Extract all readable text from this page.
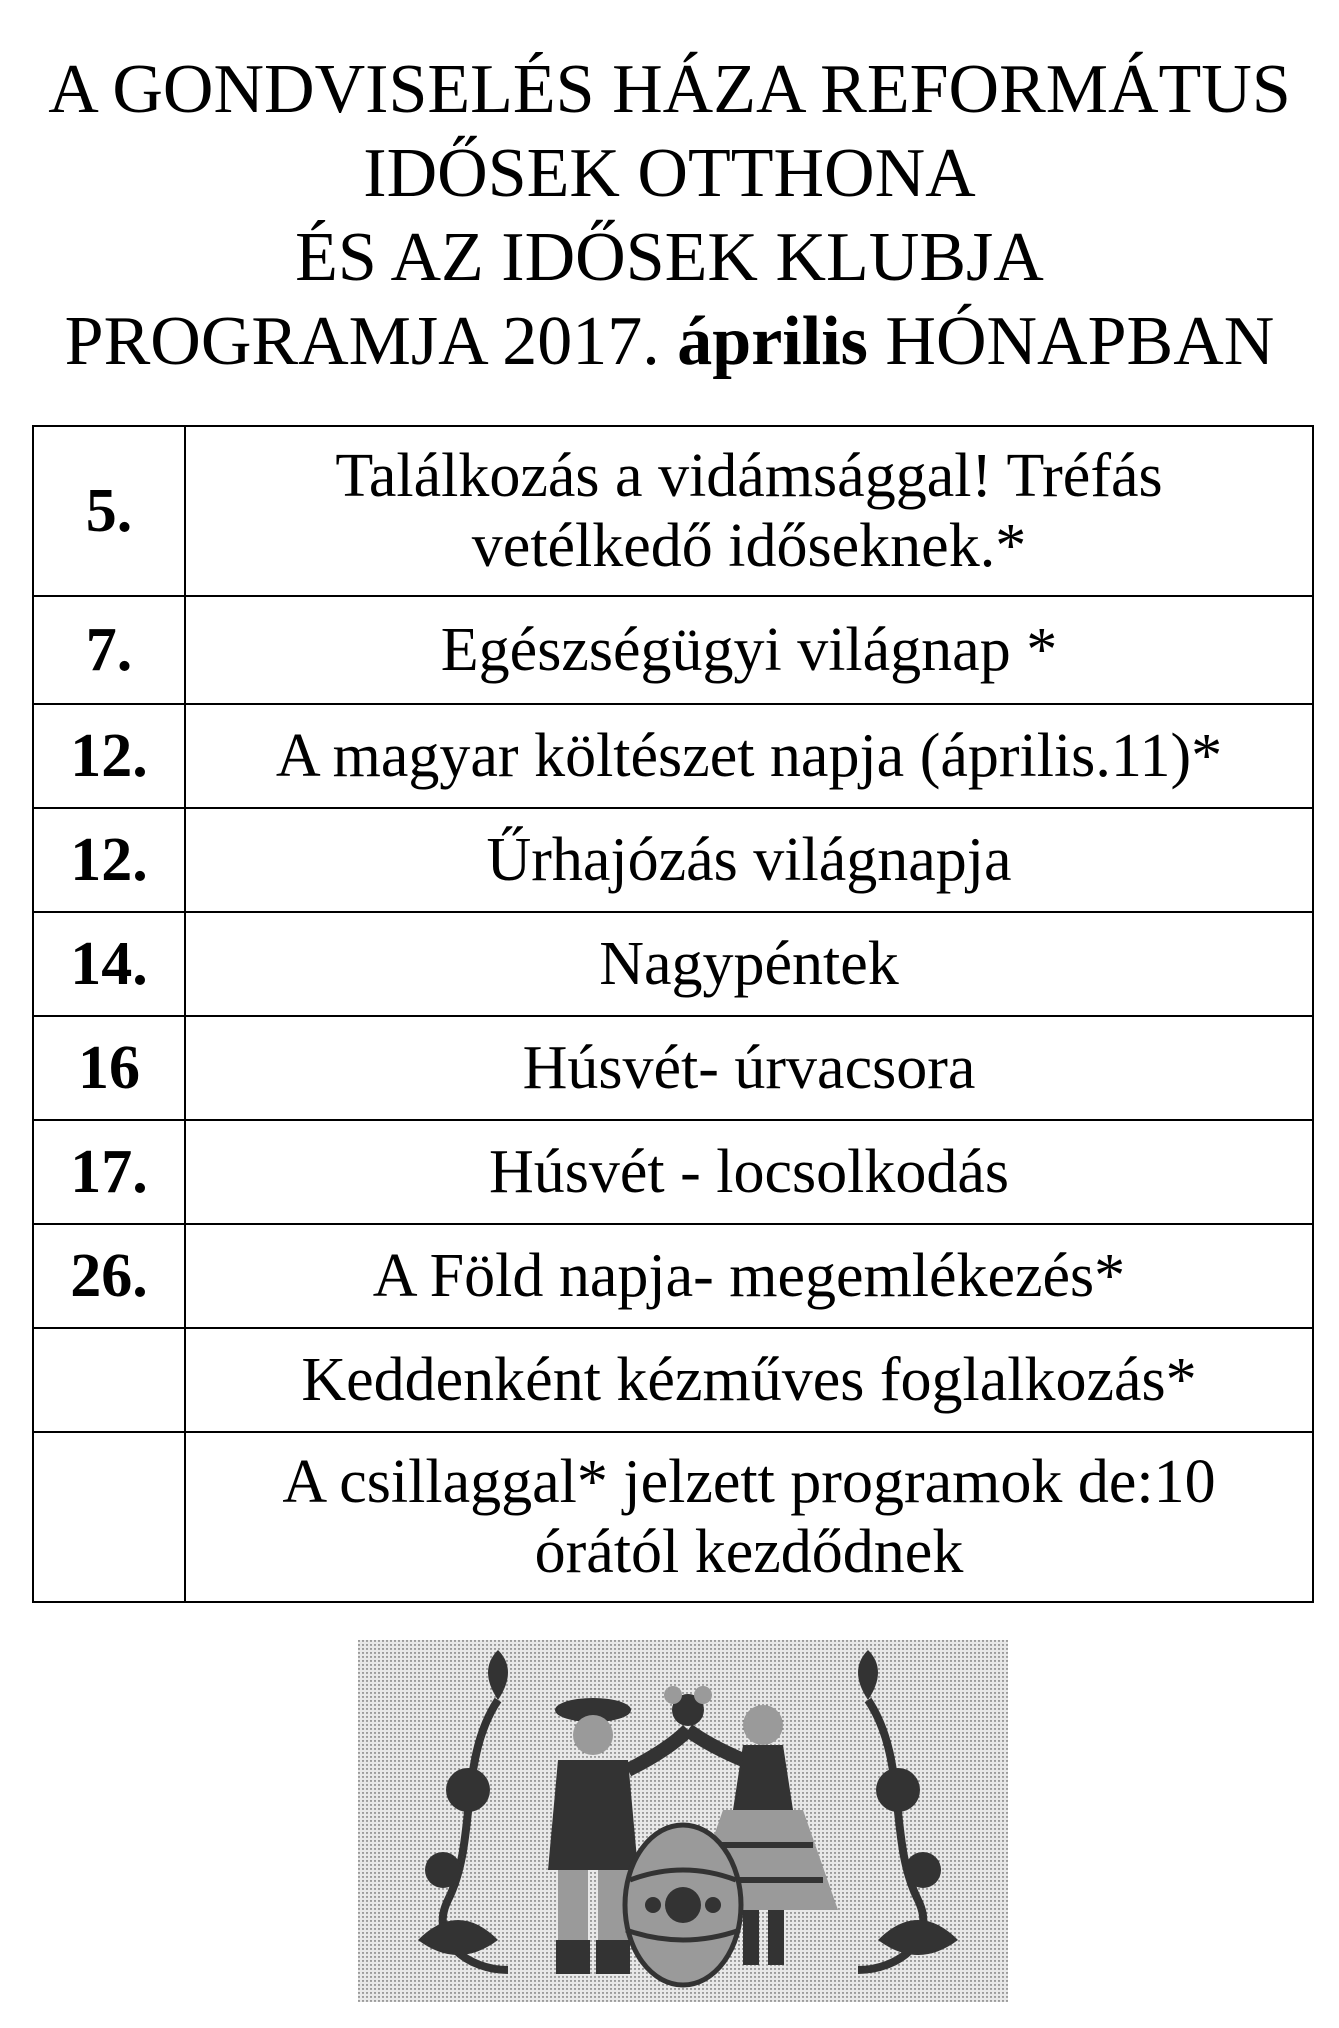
A GONDVISELÉS HÁZA REFORMÁTUS
IDŐSEK OTTHONA
ÉS AZ IDŐSEK KLUBJA
PROGRAMJA 2017. április HÓNAPBAN
5.	Találkozás a vidámsággal! Tréfás
vetélkedő időseknek.*
7.	Egészségügyi világnap *
12.	A magyar költészet napja (április.11)*
12.	Űrhajózás világnapja
14.	Nagypéntek
16	Húsvét- úrvacsora
17.	Húsvét - locsolkodás
26.	A Föld napja- megemlékezés*
	Keddenként kézműves foglalkozás*
	A csillaggal* jelzett programok de:10
órától kezdődnek
